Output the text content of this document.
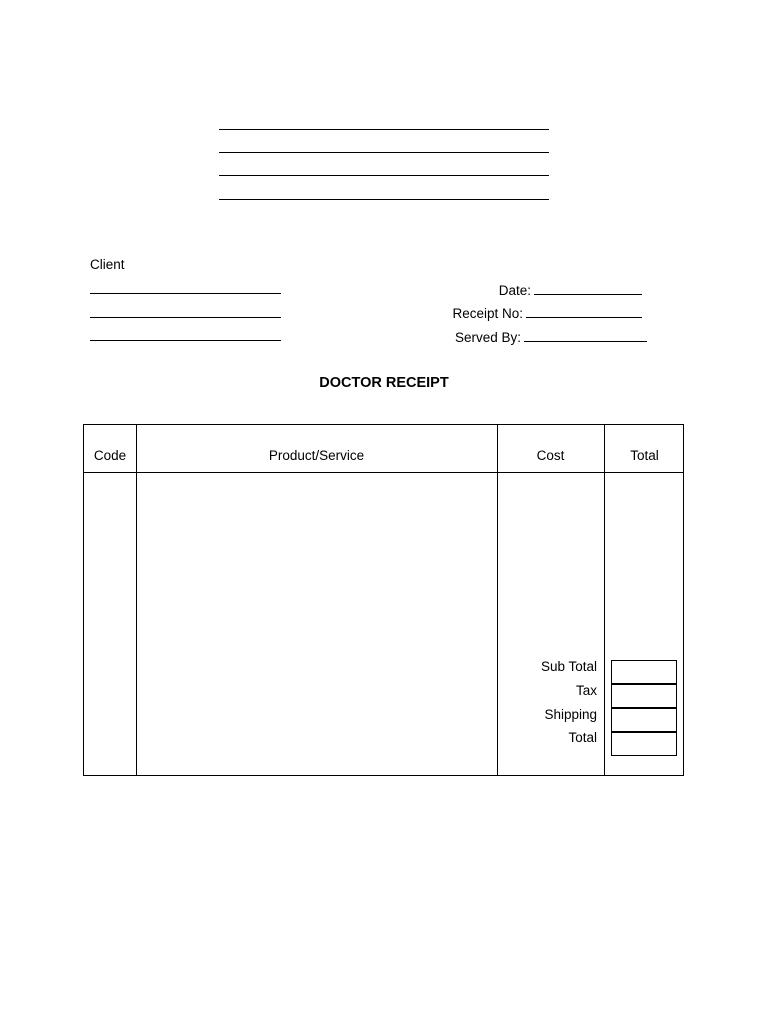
Client
Date:
Receipt No:
Served By:
DOCTOR RECEIPT
Code	Product/Service	Cost	Total
Sub Total
Tax
Shipping
Total
